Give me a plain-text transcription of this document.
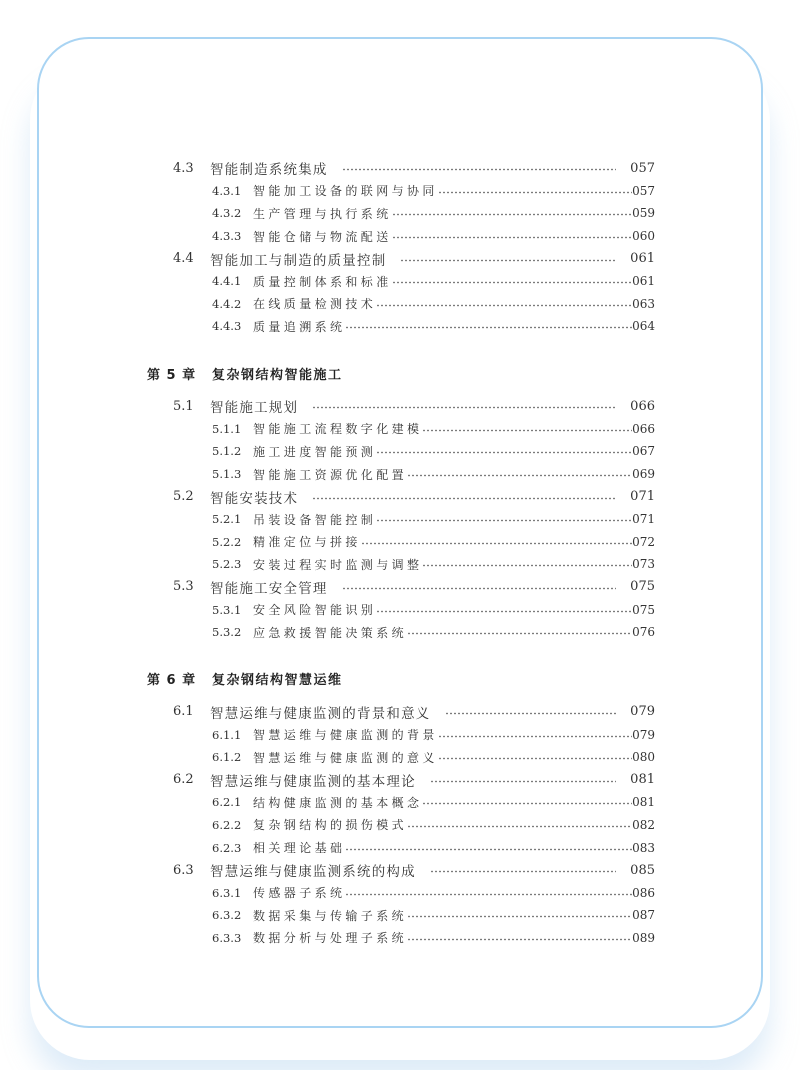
4.3	智能制造系统集成	057
4.3.1 智能加工设备的联网与协同	057
4.3.2 生产管理与执行系统	059
4.3.3 智能仓储与物流配送	060
4.4	智能加工与制造的质量控制	061
4.4.1 质量控制体系和标准	061
4.4.2 在线质量检测技术	063
4.4.3 质量追溯系统	064
第 5 章	复杂钢结构智能施工
5.1	智能施工规划	066
5.1.1 智能施工流程数字化建模	066
5.1.2 施工进度智能预测	067
5.1.3 智能施工资源优化配置	069
5.2	智能安装技术	071
5.2.1 吊装设备智能控制	071
5.2.2 精准定位与拼接	072
5.2.3 安装过程实时监测与调整	073
5.3	智能施工安全管理	075
5.3.1 安全风险智能识别	075
5.3.2 应急救援智能决策系统	076
第 6 章	复杂钢结构智慧运维
6.1	智慧运维与健康监测的背景和意义	079
6.1.1 智慧运维与健康监测的背景	079
6.1.2 智慧运维与健康监测的意义	080
6.2	智慧运维与健康监测的基本理论	081
6.2.1 结构健康监测的基本概念	081
6.2.2 复杂钢结构的损伤模式	082
6.2.3 相关理论基础	083
6.3	智慧运维与健康监测系统的构成	085
6.3.1 传感器子系统	086
6.3.2 数据采集与传输子系统	087
6.3.3 数据分析与处理子系统	089
